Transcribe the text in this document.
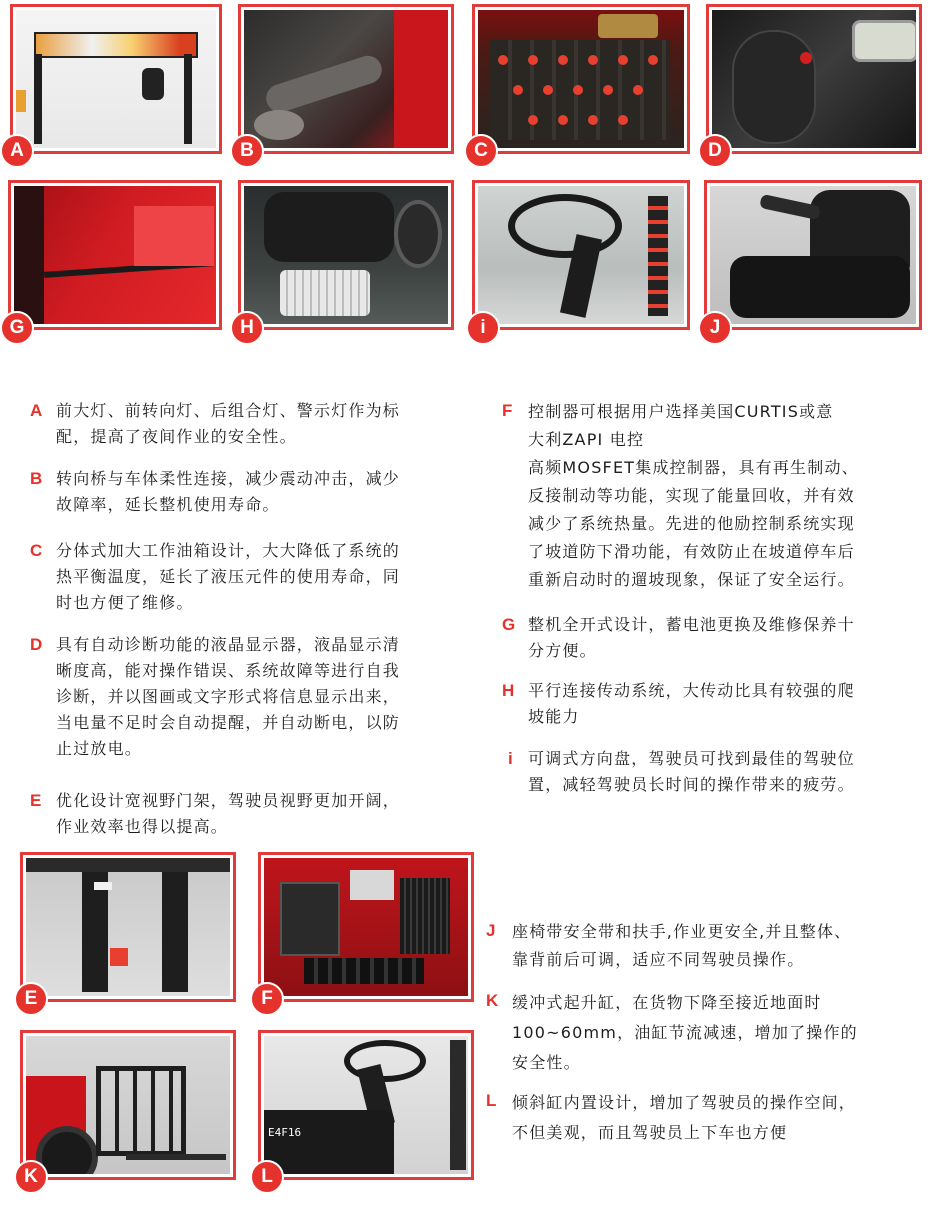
A	B	C	D
G	H	i	J
A 前大灯、前转向灯、后组合灯、警示灯作为标

配，提高了夜间作业的安全性。

B 转向桥与车体柔性连接，减少震动冲击，减少

故障率，延长整机使用寿命。

C 分体式加大工作油箱设计，大大降低了系统的

热平衡温度，延长了液压元件的使用寿命，同

时也方便了维修。

D 具有自动诊断功能的液晶显示器，液晶显示清

晰度高，能对操作错误、系统故障等进行自我

诊断，并以图画或文字形式将信息显示出来，

当电量不足时会自动提醒，并自动断电，以防

止过放电。

E 优化设计宽视野门架，驾驶员视野更加开阔，

作业效率也得以提高。

F 控制器可根据用户选择美国CURTIS或意

大利ZAPI 电控

高频MOSFET集成控制器，具有再生制动、

反接制动等功能，实现了能量回收，并有效

减少了系统热量。先进的他励控制系统实现

了坡道防下滑功能，有效防止在坡道停车后

重新启动时的遛坡现象，保证了安全运行。

G 整机全开式设计，蓄电池更换及维修保养十

分方便。

H 平行连接传动系统，大传动比具有较强的爬

坡能力

i 可调式方向盘，驾驶员可找到最佳的驾驶位

置，减轻驾驶员长时间的操作带来的疲劳。

E	F
K
E4F16
L
J	座椅带安全带和扶手,作业更安全,并且整体、

靠背前后可调，适应不同驾驶员操作。

K 缓冲式起升缸，在货物下降至接近地面时

100~60mm，油缸节流减速，增加了操作的

安全性。

L 倾斜缸内置设计，增加了驾驶员的操作空间，

不但美观，而且驾驶员上下车也方便
